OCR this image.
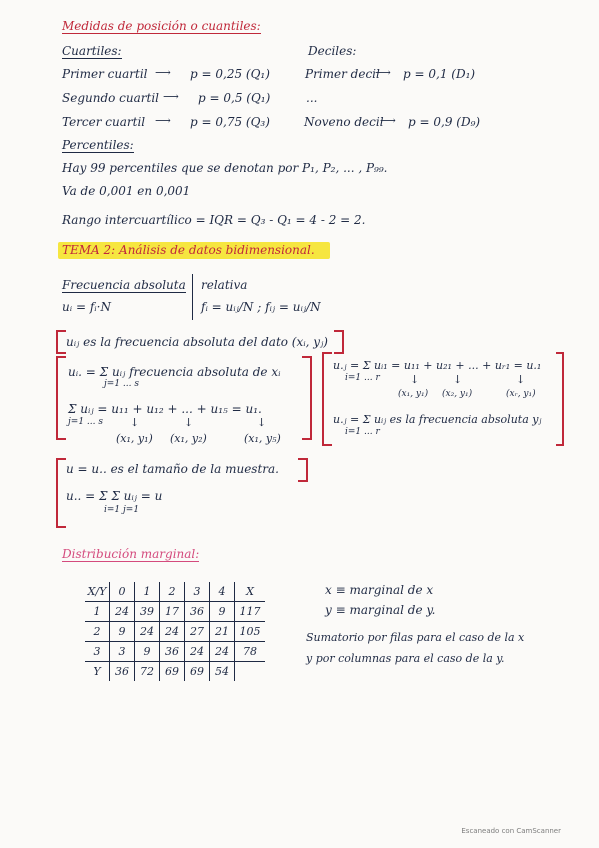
Medidas de posición o cuantiles:
Cuartiles:	Deciles:
Primer cuartil ⟶ p = 0,25 (Q₁)
Segundo cuartil ⟶ p = 0,5 (Q₁)
Tercer cuartil ⟶ p = 0,75 (Q₃)
Primer decil
⟶ p = 0,1 (D₁)
...
Noveno decil
⟶ p = 0,9 (D₉)
Percentiles:
Hay 99 percentiles que se denotan por P₁, P₂, ... , P₉₉.
Va de 0,001 en 0,001
Rango intercuartílico = IQR = Q₃ - Q₁ = 4 - 2 = 2.
TEMA 2: Análisis de datos bidimensional.
Frecuencia absoluta
uᵢ = fᵢ·N
relativa
fᵢ = uᵢⱼ/N ; fᵢⱼ = uᵢⱼ/N
uᵢⱼ es la frecuencia absoluta del dato (xᵢ, yⱼ)
uᵢ. = Σ uᵢⱼ frecuencia absoluta de xᵢ
j=1 ... s
Σ uᵢⱼ = u₁₁ + u₁₂ + ... + u₁₅ = u₁.
j=1 ... s ↓	↓	↓
(x₁, y₁) (x₁, y₂)	(x₁, y₅)
u.ⱼ = Σ uᵢ₁ = u₁₁ + u₂₁ + ... + uᵣ₁ = u.₁
i=1 ... r	↓	↓	↓
(x₁, y₁) (x₂, y₁)	(xᵣ, y₁)
u.ⱼ = Σ uᵢⱼ es la frecuencia absoluta yⱼ
i=1 ... r
u = u.. es el tamaño de la muestra.
u.. = Σ Σ uᵢⱼ = u
i=1 j=1
Distribución marginal:
X/Y	0	1	2	3	4	X
1	24	39	17	36	9	117
2	9	24	24	27	21	105
3	3	9	36	24	24	78
Y	36	72	69	69	54	
x ≡ marginal de x
y ≡ marginal de y.
Sumatorio por filas para el caso de la x
y por columnas para el caso de la y.
Escaneado con CamScanner
